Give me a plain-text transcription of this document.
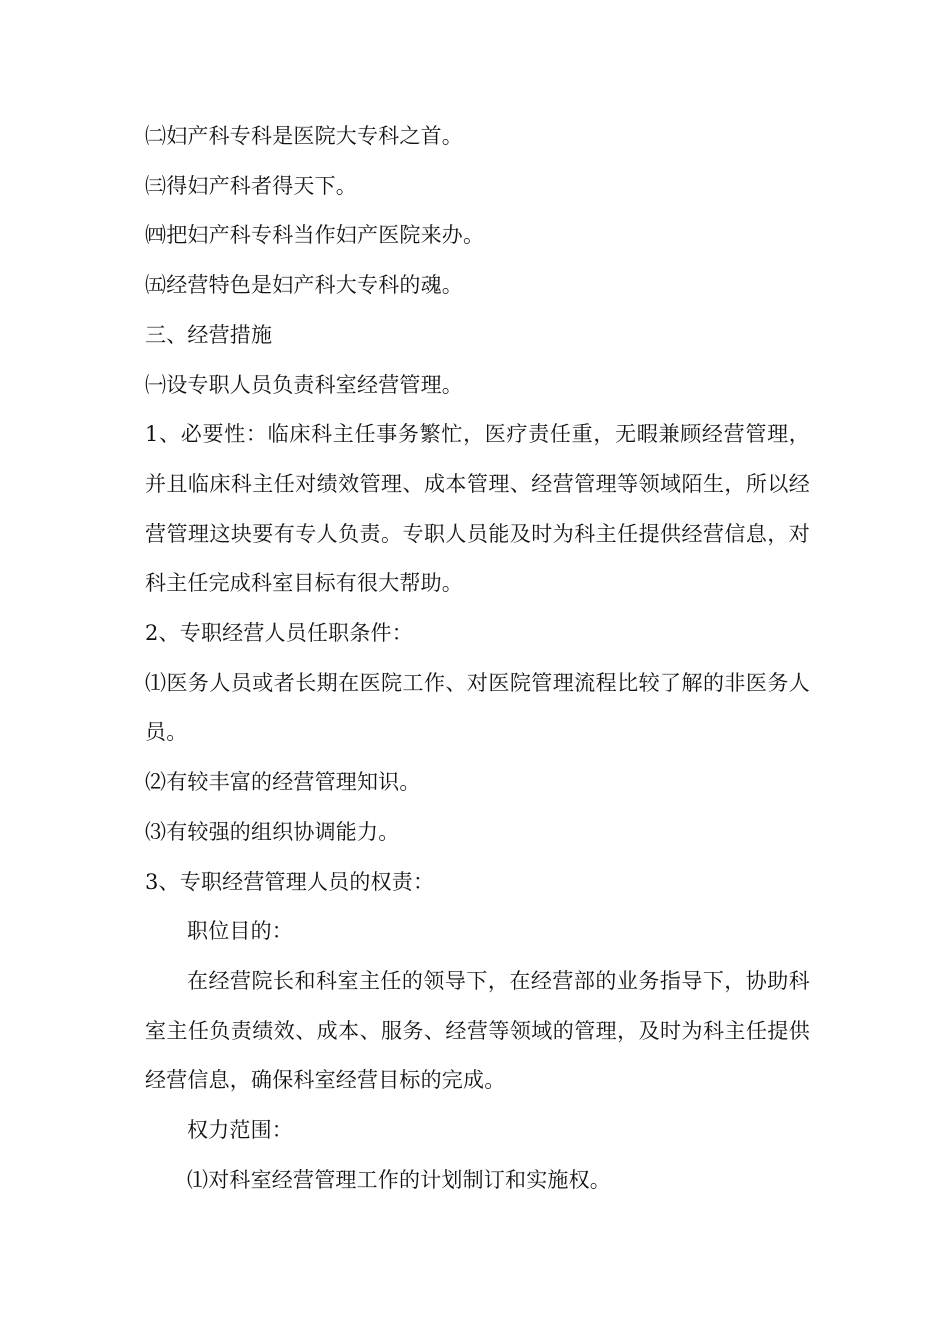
㈡妇产科专科是医院大专科之首。

㈢得妇产科者得天下。

㈣把妇产科专科当作妇产医院来办。

㈤经营特色是妇产科大专科的魂。

三、经营措施

㈠设专职人员负责科室经营管理。

1、必要性：临床科主任事务繁忙，医疗责任重，无暇兼顾经营管理，并且临床科主任对绩效管理、成本管理、经营管理等领域陌生，所以经营管理这块要有专人负责。专职人员能及时为科主任提供经营信息，对科主任完成科室目标有很大帮助。

2、专职经营人员任职条件：

⑴医务人员或者长期在医院工作、对医院管理流程比较了解的非医务人员。

⑵有较丰富的经营管理知识。

⑶有较强的组织协调能力。

3、专职经营管理人员的权责：

职位目的：

在经营院长和科室主任的领导下，在经营部的业务指导下，协助科室主任负责绩效、成本、服务、经营等领域的管理，及时为科主任提供经营信息，确保科室经营目标的完成。

权力范围：

⑴对科室经营管理工作的计划制订和实施权。
